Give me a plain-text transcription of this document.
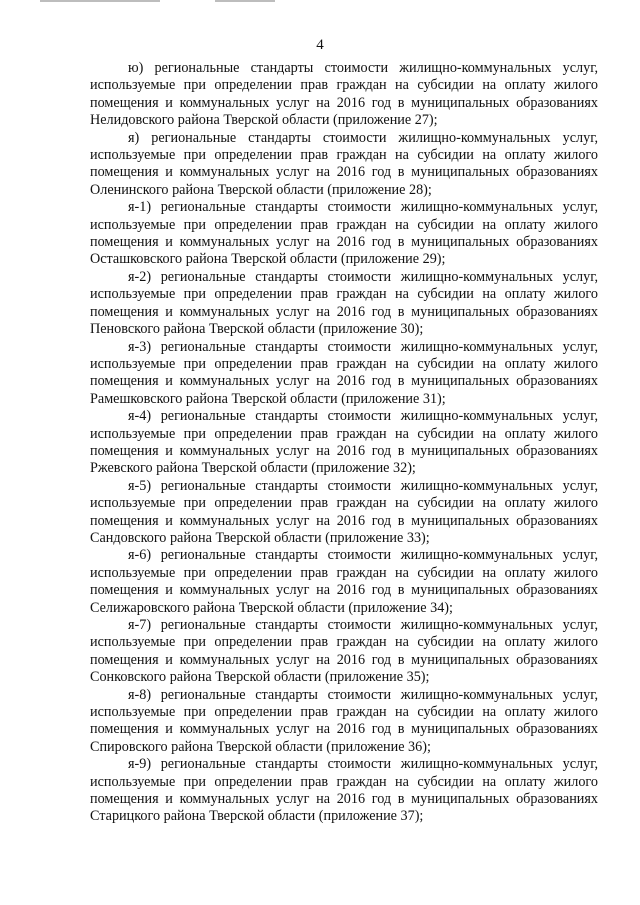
4

ю) региональные стандарты стоимости жилищно-коммунальных услуг, используемые при определении прав граждан на субсидии на оплату жилого помещения и коммунальных услуг на 2016 год в муниципальных образованиях Нелидовского района Тверской области (приложение 27);

я) региональные стандарты стоимости жилищно-коммунальных услуг, используемые при определении прав граждан на субсидии на оплату жилого помещения и коммунальных услуг на 2016 год в муниципальных образованиях Оленинского района Тверской области (приложение 28);

я-1) региональные стандарты стоимости жилищно-коммунальных услуг, используемые при определении прав граждан на субсидии на оплату жилого помещения и коммунальных услуг на 2016 год в муниципальных образованиях Осташковского района Тверской области (приложение 29);

я-2) региональные стандарты стоимости жилищно-коммунальных услуг, используемые при определении прав граждан на субсидии на оплату жилого помещения и коммунальных услуг на 2016 год в муниципальных образованиях Пеновского района Тверской области (приложение 30);

я-3) региональные стандарты стоимости жилищно-коммунальных услуг, используемые при определении прав граждан на субсидии на оплату жилого помещения и коммунальных услуг на 2016 год в муниципальных образованиях Рамешковского района Тверской области (приложение 31);

я-4) региональные стандарты стоимости жилищно-коммунальных услуг, используемые при определении прав граждан на субсидии на оплату жилого помещения и коммунальных услуг на 2016 год в муниципальных образованиях Ржевского района Тверской области (приложение 32);

я-5) региональные стандарты стоимости жилищно-коммунальных услуг, используемые при определении прав граждан на субсидии на оплату жилого помещения и коммунальных услуг на 2016 год в муниципальных образованиях Сандовского района Тверской области (приложение 33);

я-6) региональные стандарты стоимости жилищно-коммунальных услуг, используемые при определении прав граждан на субсидии на оплату жилого помещения и коммунальных услуг на 2016 год в муниципальных образованиях Селижаровского района Тверской области (приложение 34);

я-7) региональные стандарты стоимости жилищно-коммунальных услуг, используемые при определении прав граждан на субсидии на оплату жилого помещения и коммунальных услуг на 2016 год в муниципальных образованиях Сонковского района Тверской области (приложение 35);

я-8) региональные стандарты стоимости жилищно-коммунальных услуг, используемые при определении прав граждан на субсидии на оплату жилого помещения и коммунальных услуг на 2016 год в муниципальных образованиях Спировского района Тверской области (приложение 36);

я-9) региональные стандарты стоимости жилищно-коммунальных услуг, используемые при определении прав граждан на субсидии на оплату жилого помещения и коммунальных услуг на 2016 год в муниципальных образованиях Старицкого района Тверской области (приложение 37);
